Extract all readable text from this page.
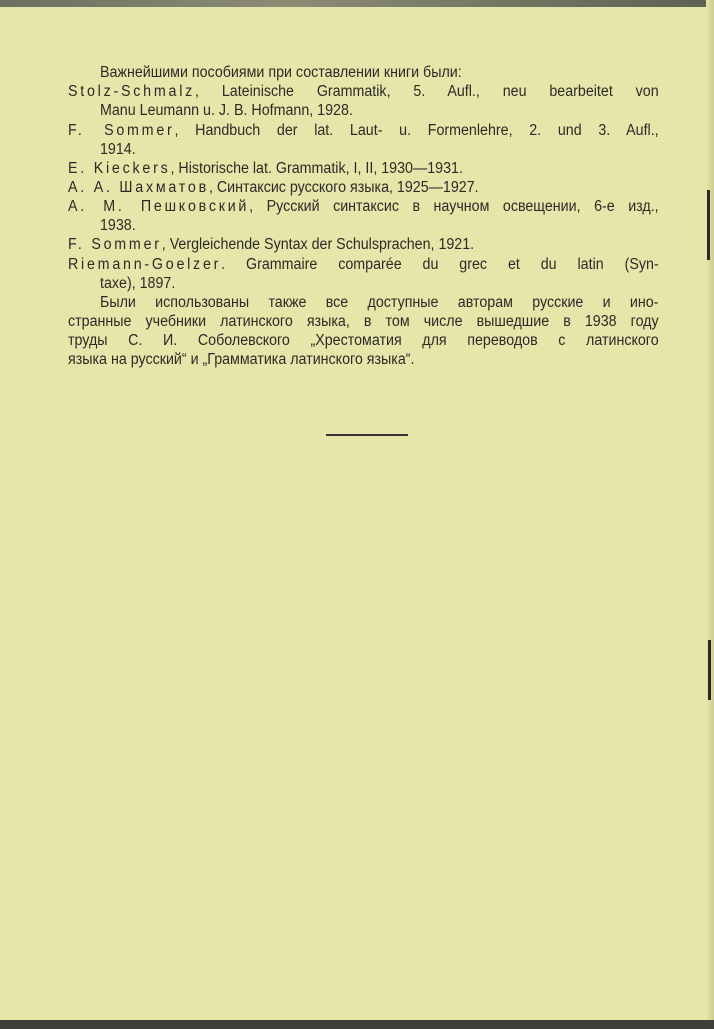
Важнейшими пособиями при составлении книги были:
Stolz-Schmalz, Lateinische Grammatik, 5. Aufl., neu bearbeitet von
Manu Leumann u. J. B. Hofmann, 1928.
F. Sommer, Handbuch der lat. Laut- u. Formenlehre, 2. und 3. Aufl.,
1914.
E. Kieckers, Historische lat. Grammatik, I, II, 1930—1931.
А. А. Шахматов, Синтаксис русского языка, 1925—1927.
А. М. Пешковский, Русский синтаксис в научном освещении, 6-е изд.,
1938.
F. Sommer, Vergleichende Syntax der Schulsprachen, 1921.
Riemann-Goelzer. Grammaire comparée du grec et du latin (Syn-
taxe), 1897.
Были использованы также все доступные авторам русские и ино-
странные учебники латинского языка, в том числе вышедшие в 1938 году
труды С. И. Соболевского „Хрестоматия для переводов с латинского
языка на русский“ и „Грамматика латинского языка“.
